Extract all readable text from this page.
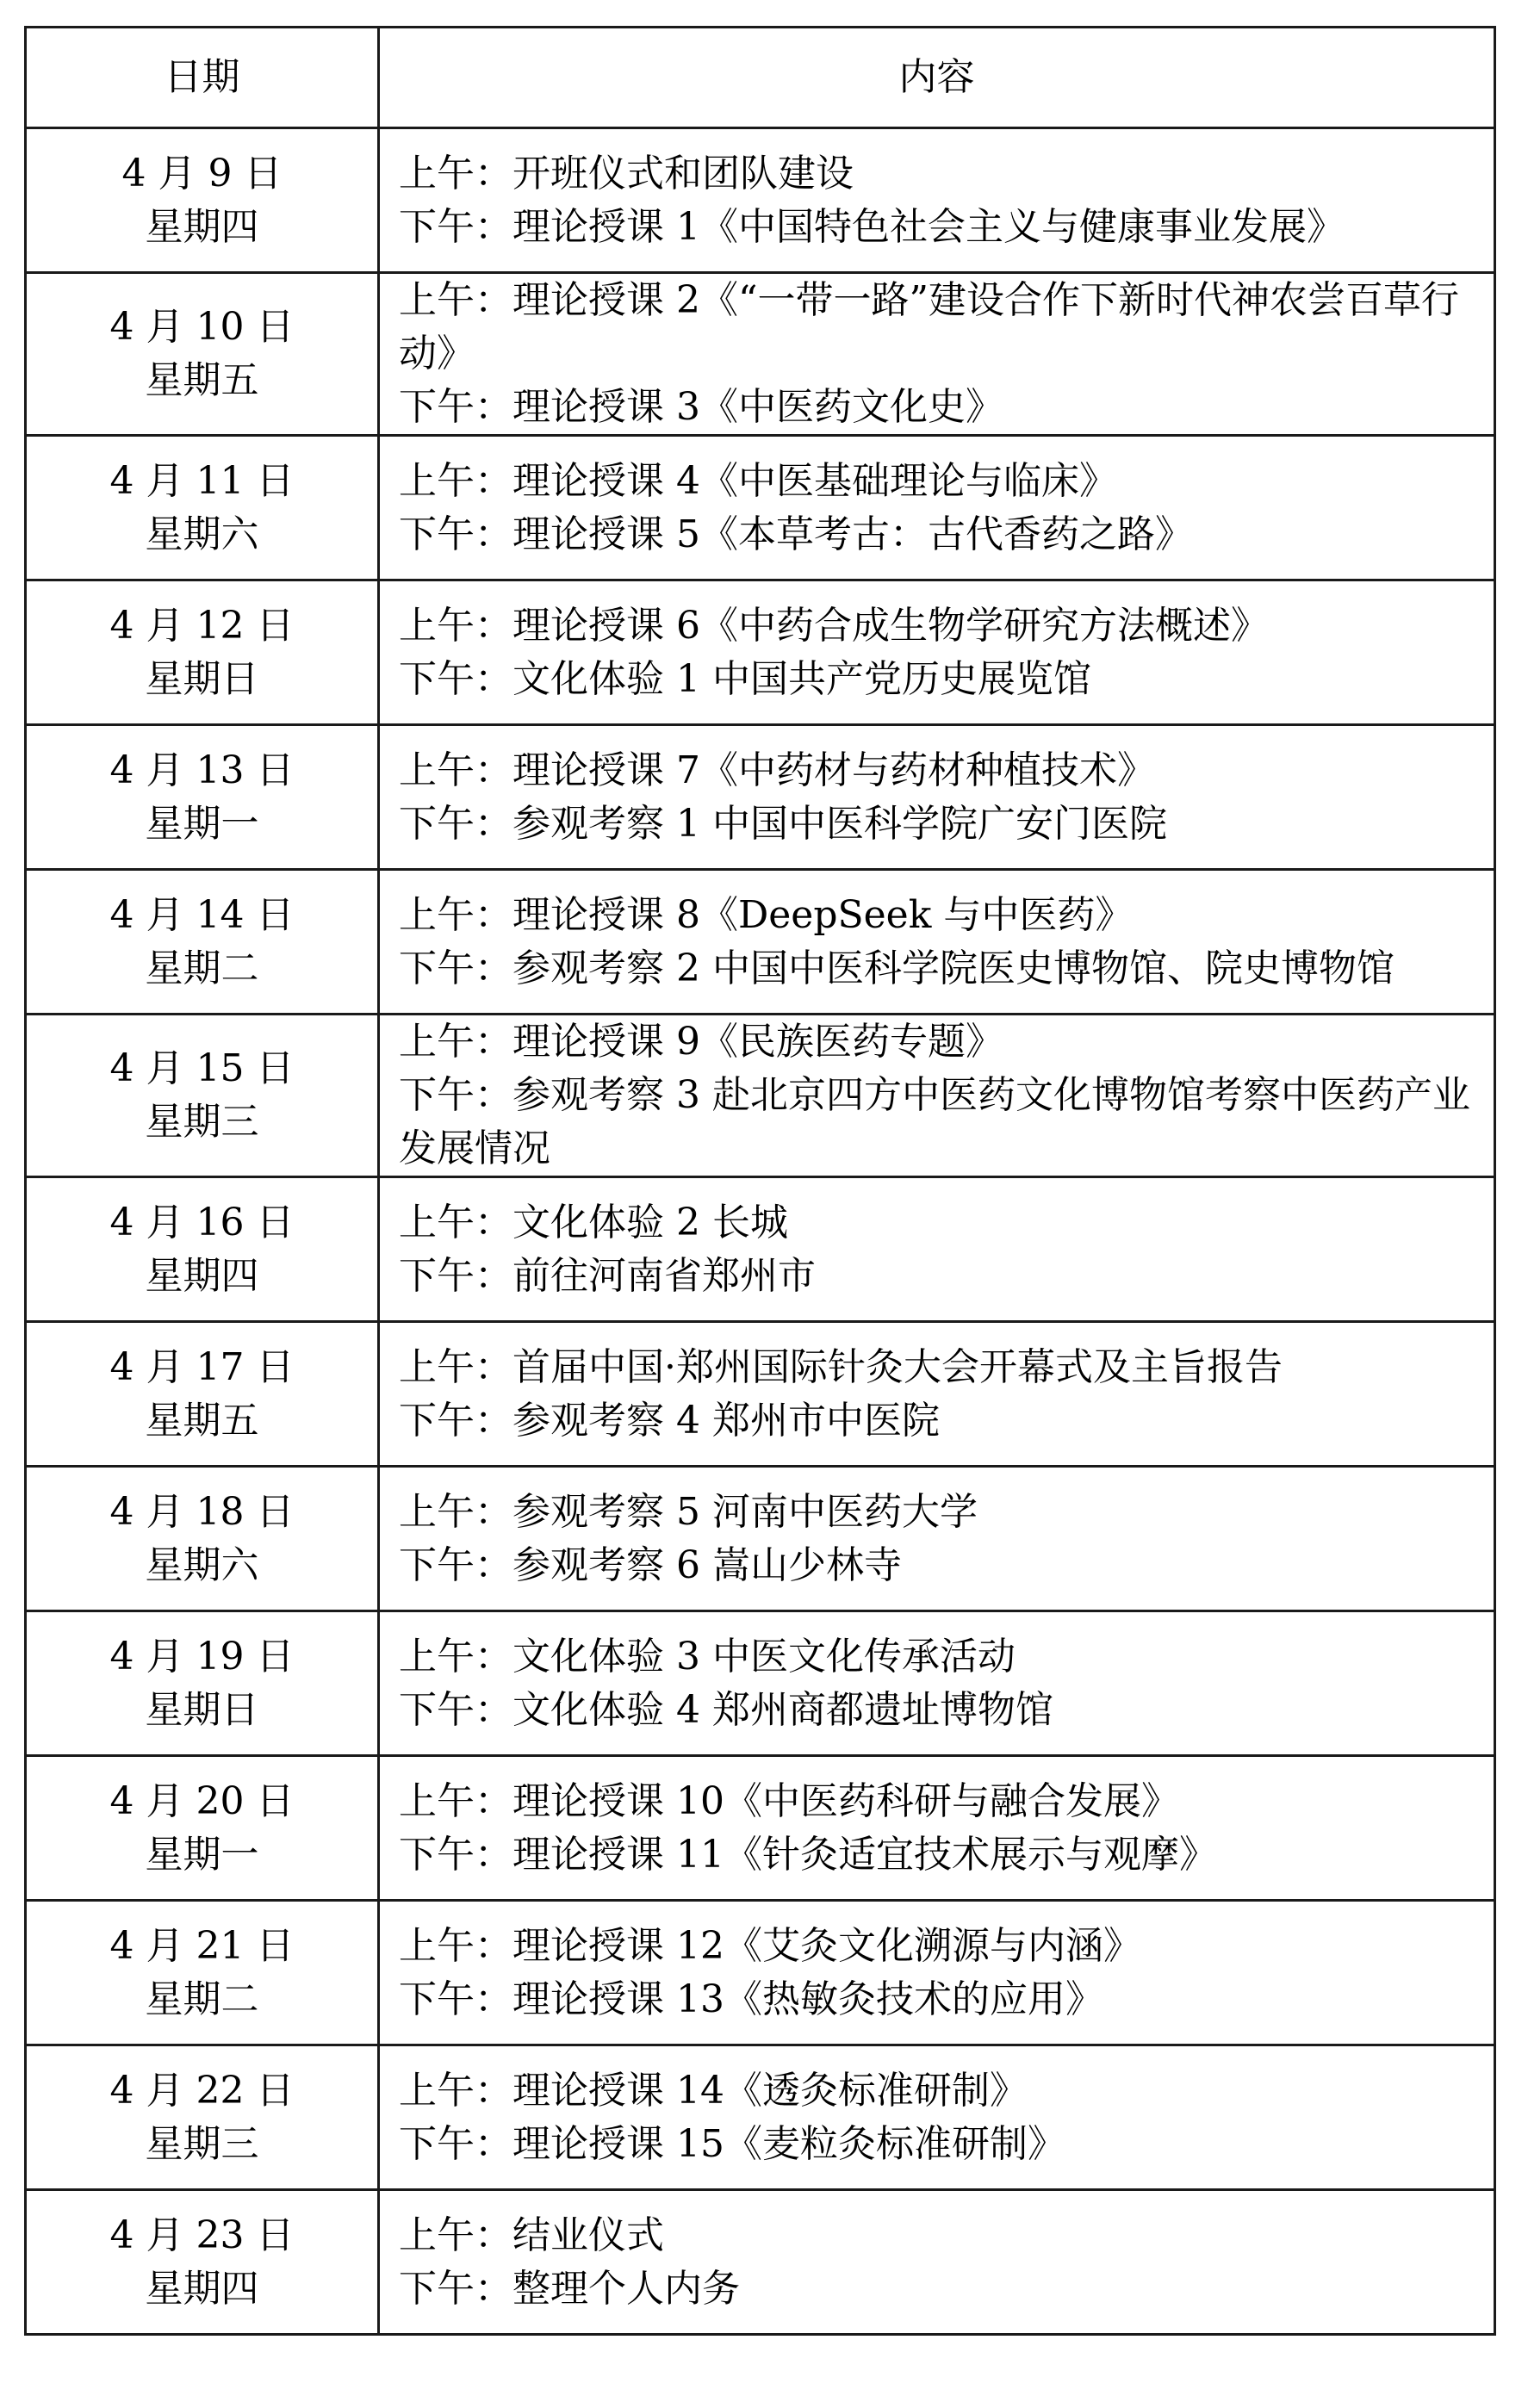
日期	内容

4 月 9 日
星期四	上午：开班仪式和团队建设
下午：理论授课 1《中国特色社会主义与健康事业发展》

4 月 10 日
星期五	上午：理论授课 2《“一带一路”建设合作下新时代神农尝百草行动》
下午：理论授课 3《中医药文化史》

4 月 11 日
星期六	上午：理论授课 4《中医基础理论与临床》
下午：理论授课 5《本草考古：古代香药之路》

4 月 12 日
星期日	上午：理论授课 6《中药合成生物学研究方法概述》
下午：文化体验 1 中国共产党历史展览馆

4 月 13 日
星期一	上午：理论授课 7《中药材与药材种植技术》
下午：参观考察 1 中国中医科学院广安门医院

4 月 14 日
星期二	上午：理论授课 8《DeepSeek 与中医药》
下午：参观考察 2 中国中医科学院医史博物馆、院史博物馆

4 月 15 日
星期三	上午：理论授课 9《民族医药专题》
下午：参观考察 3 赴北京四方中医药文化博物馆考察中医药产业发展情况

4 月 16 日
星期四	上午：文化体验 2 长城
下午：前往河南省郑州市

4 月 17 日
星期五	上午：首届中国·郑州国际针灸大会开幕式及主旨报告
下午：参观考察 4 郑州市中医院

4 月 18 日
星期六	上午：参观考察 5 河南中医药大学
下午：参观考察 6 嵩山少林寺

4 月 19 日
星期日	上午：文化体验 3 中医文化传承活动
下午：文化体验 4 郑州商都遗址博物馆

4 月 20 日
星期一	上午：理论授课 10《中医药科研与融合发展》
下午：理论授课 11《针灸适宜技术展示与观摩》

4 月 21 日
星期二	上午：理论授课 12《艾灸文化溯源与内涵》
下午：理论授课 13《热敏灸技术的应用》

4 月 22 日
星期三	上午：理论授课 14《透灸标准研制》
下午：理论授课 15《麦粒灸标准研制》

4 月 23 日
星期四	上午：结业仪式
下午：整理个人内务
